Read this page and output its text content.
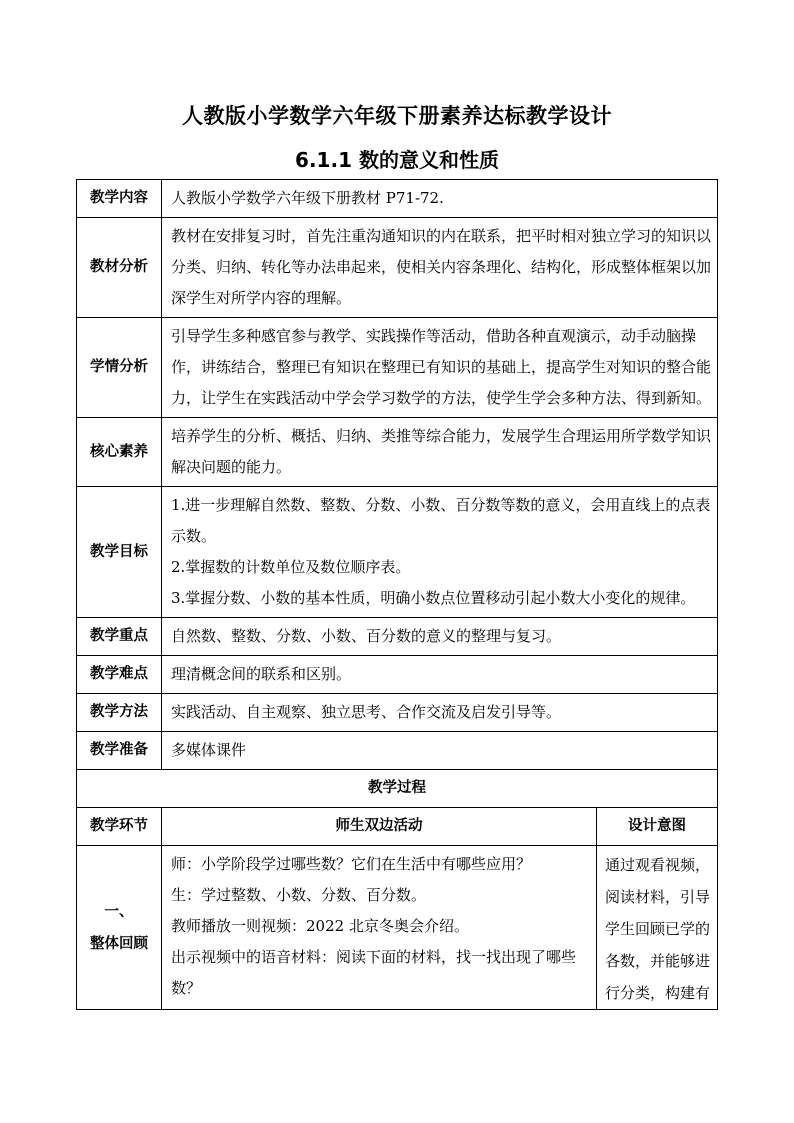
人教版小学数学六年级下册素养达标教学设计
6.1.1 数的意义和性质
教学内容	人教版小学数学六年级下册教材 P71-72.	

教材分析	教材在安排复习时，首先注重沟通知识的内在联系，把平时相对独立学习的知识以分类、归纳、转化等办法串起来，使相关内容条理化、结构化，形成整体框架以加深学生对所学内容的理解。	

学情分析	引导学生多种感官参与教学、实践操作等活动，借助各种直观演示，动手动脑操作，讲练结合，整理已有知识在整理已有知识的基础上，提高学生对知识的整合能力，让学生在实践活动中学会学习数学的方法，使学生学会多种方法、得到新知。	

核心素养	培养学生的分析、概括、归纳、类推等综合能力，发展学生合理运用所学数学知识解决问题的能力。	

教学目标	1.进一步理解自然数、整数、分数、小数、百分数等数的意义，会用直线上的点表示数。
2.掌握数的计数单位及数位顺序表。
3.掌握分数、小数的基本性质，明确小数点位置移动引起小数大小变化的规律。	

教学重点	自然数、整数、分数、小数、百分数的意义的整理与复习。	

教学难点	理清概念间的联系和区别。	

教学方法	实践活动、自主观察、独立思考、合作交流及启发引导等。	

教学准备	多媒体课件	

教学过程		
教学环节	师生双边活动	设计意图

一、
整体回顾	师：小学阶段学过哪些数？它们在生活中有哪些应用？
生：学过整数、小数、分数、百分数。
教师播放一则视频：2022 北京冬奥会介绍。
出示视频中的语音材料：阅读下面的材料，找一找出现了哪些数？	通过观看视频，
阅读材料，引导
学生回顾已学的
各数，并能够进
行分类，构建有
